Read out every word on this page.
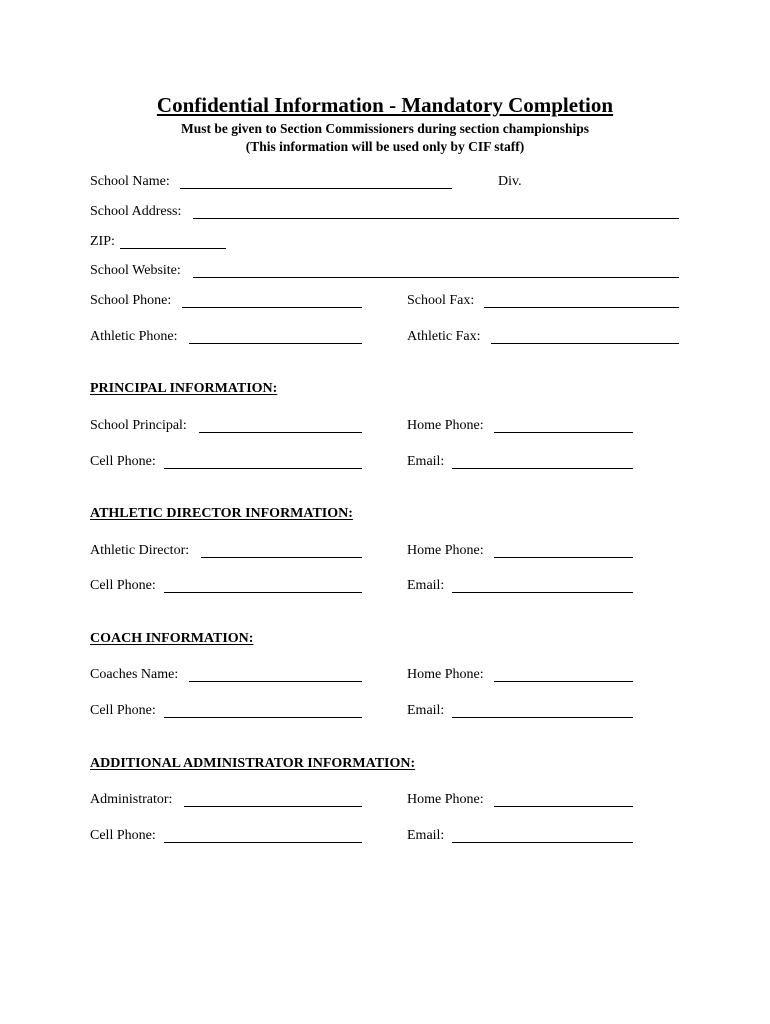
Confidential Information - Mandatory Completion
Must be given to Section Commissioners during section championships
(This information will be used only by CIF staff)
School Name:	Div.
School Address:
ZIP:
School Website:
School Phone:	School Fax:
Athletic Phone:	Athletic Fax:
PRINCIPAL INFORMATION:
School Principal:	Home Phone:
Cell Phone:	Email:
ATHLETIC DIRECTOR INFORMATION:
Athletic Director:	Home Phone:
Cell Phone:	Email:
COACH INFORMATION:
Coaches Name:	Home Phone:
Cell Phone:	Email:
ADDITIONAL ADMINISTRATOR INFORMATION:
Administrator:	Home Phone:
Cell Phone:	Email:
